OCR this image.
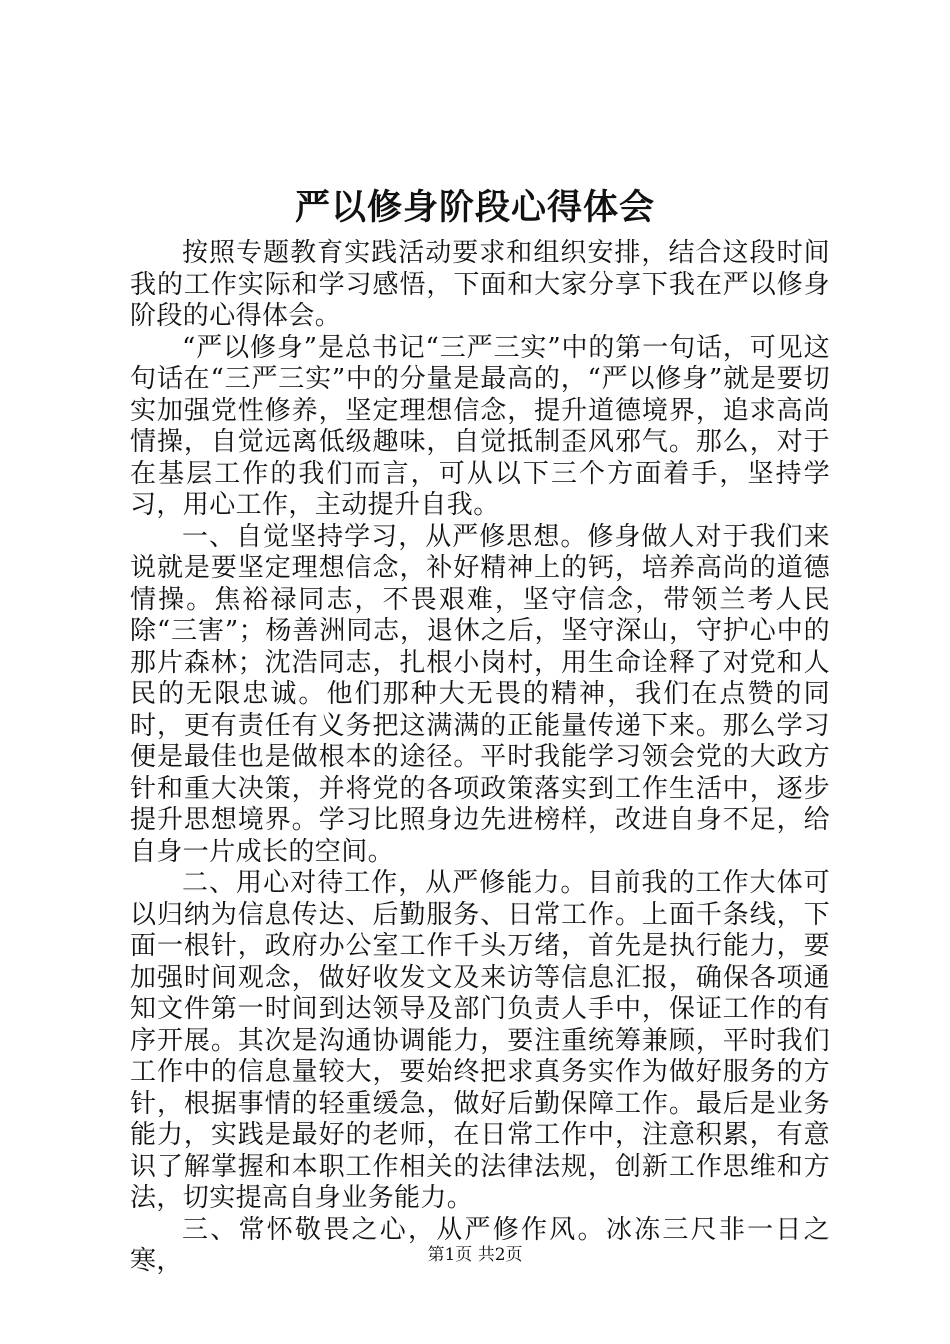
严以修身阶段心得体会

按照专题教育实践活动要求和组织安排，结合这段时间我的工作实际和学习感悟，下面和大家分享下我在严以修身阶段的心得体会。

“严以修身”是总书记“三严三实”中的第一句话，可见这句话在“三严三实”中的分量是最高的，“严以修身”就是要切实加强党性修养，坚定理想信念，提升道德境界，追求高尚情操，自觉远离低级趣味，自觉抵制歪风邪气。那么，对于在基层工作的我们而言，可从以下三个方面着手，坚持学习，用心工作，主动提升自我。

一、自觉坚持学习，从严修思想。修身做人对于我们来说就是要坚定理想信念，补好精神上的钙，培养高尚的道德情操。焦裕禄同志，不畏艰难，坚守信念，带领兰考人民除“三害”；杨善洲同志，退休之后，坚守深山，守护心中的那片森林；沈浩同志，扎根小岗村，用生命诠释了对党和人民的无限忠诚。他们那种大无畏的精神，我们在点赞的同时，更有责任有义务把这满满的正能量传递下来。那么学习便是最佳也是做根本的途径。平时我能学习领会党的大政方针和重大决策，并将党的各项政策落实到工作生活中，逐步提升思想境界。学习比照身边先进榜样，改进自身不足，给自身一片成长的空间。

二、用心对待工作，从严修能力。目前我的工作大体可以归纳为信息传达、后勤服务、日常工作。上面千条线，下面一根针，政府办公室工作千头万绪，首先是执行能力，要加强时间观念，做好收发文及来访等信息汇报，确保各项通知文件第一时间到达领导及部门负责人手中，保证工作的有序开展。其次是沟通协调能力，要注重统筹兼顾，平时我们工作中的信息量较大，要始终把求真务实作为做好服务的方针，根据事情的轻重缓急，做好后勤保障工作。最后是业务能力，实践是最好的老师，在日常工作中，注意积累，有意识了解掌握和本职工作相关的法律法规，创新工作思维和方法，切实提高自身业务能力。

三、常怀敬畏之心，从严修作风。冰冻三尺非一日之寒，	第1页 共2页
